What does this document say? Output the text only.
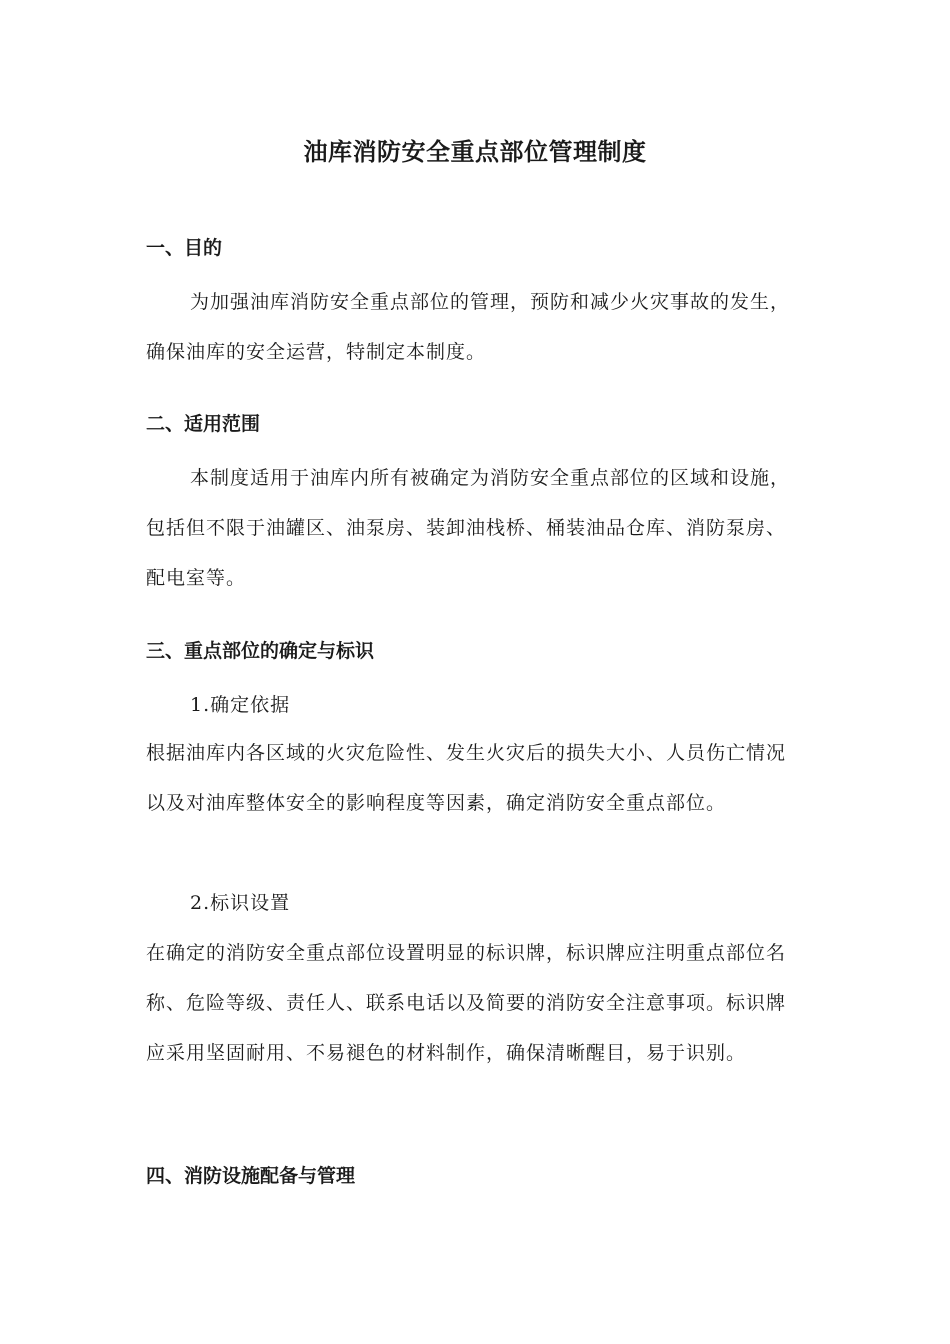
油库消防安全重点部位管理制度
一、目的

为加强油库消防安全重点部位的管理，预防和减少火灾事故的发生，确保油库的安全运营，特制定本制度。

二、适用范围

本制度适用于油库内所有被确定为消防安全重点部位的区域和设施，包括但不限于油罐区、油泵房、装卸油栈桥、桶装油品仓库、消防泵房、配电室等。

三、重点部位的确定与标识
1.确定依据

根据油库内各区域的火灾危险性、发生火灾后的损失大小、人员伤亡情况以及对油库整体安全的影响程度等因素，确定消防安全重点部位。

2.标识设置

在确定的消防安全重点部位设置明显的标识牌，标识牌应注明重点部位名称、危险等级、责任人、联系电话以及简要的消防安全注意事项。标识牌应采用坚固耐用、不易褪色的材料制作，确保清晰醒目，易于识别。

四、消防设施配备与管理
